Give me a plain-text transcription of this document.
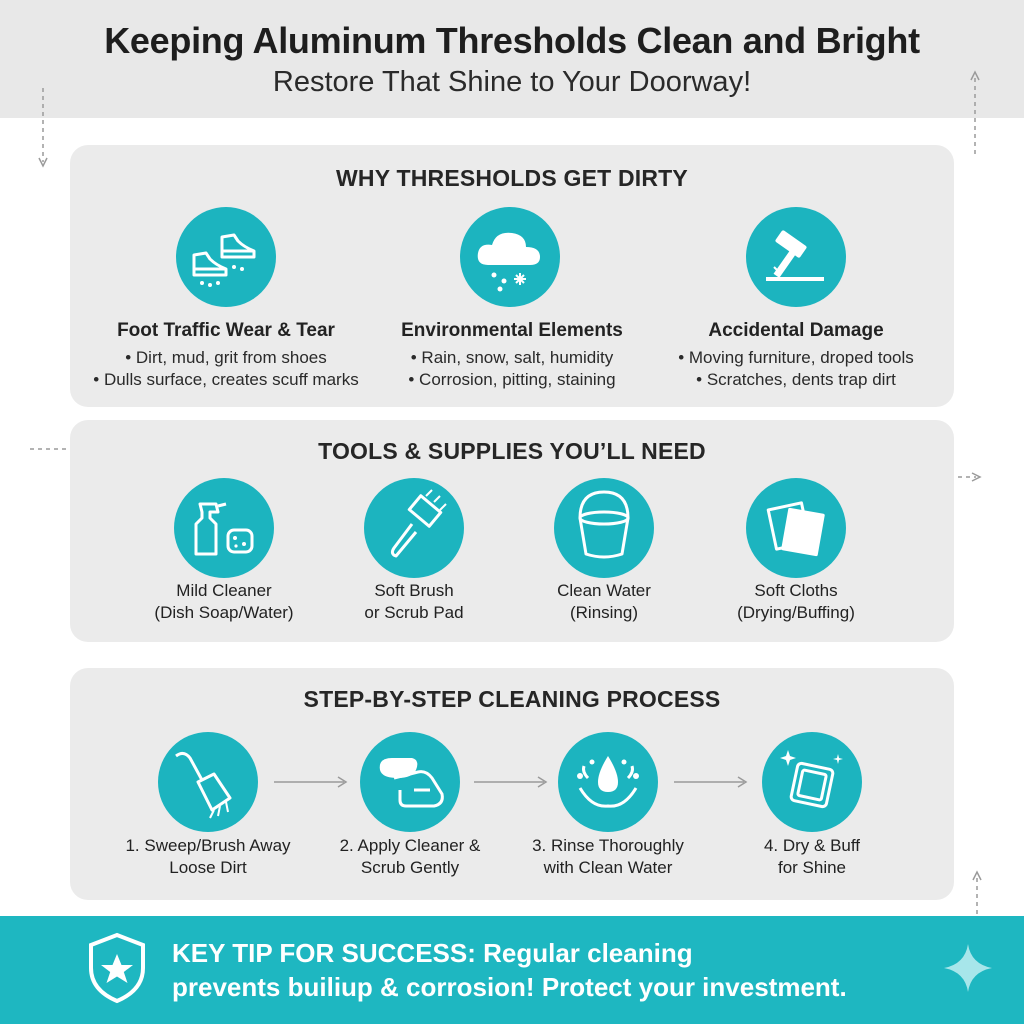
Keeping Aluminum Thresholds Clean and Bright
Restore That Shine to Your Doorway!
WHY THRESHOLDS GET DIRTY
Foot Traffic Wear & Tear
• Dirt, mud, grit from shoes
• Dulls surface, creates scuff marks
Environmental Elements
• Rain, snow, salt, humidity
• Corrosion, pitting, staining
Accidental Damage
• Moving furniture, droped tools
• Scratches, dents trap dirt
TOOLS & SUPPLIES YOU’LL NEED
Mild Cleaner
(Dish Soap/Water)
Soft Brush
or Scrub Pad
Clean Water
(Rinsing)
Soft Cloths
(Drying/Buffing)
STEP-BY-STEP CLEANING PROCESS
1. Sweep/Brush Away
Loose Dirt
2. Apply Cleaner &
Scrub Gently
3. Rinse Thoroughly
with Clean Water
4. Dry & Buff
for Shine
KEY TIP FOR SUCCESS: Regular cleaning
prevents builiup & corrosion! Protect your investment.
